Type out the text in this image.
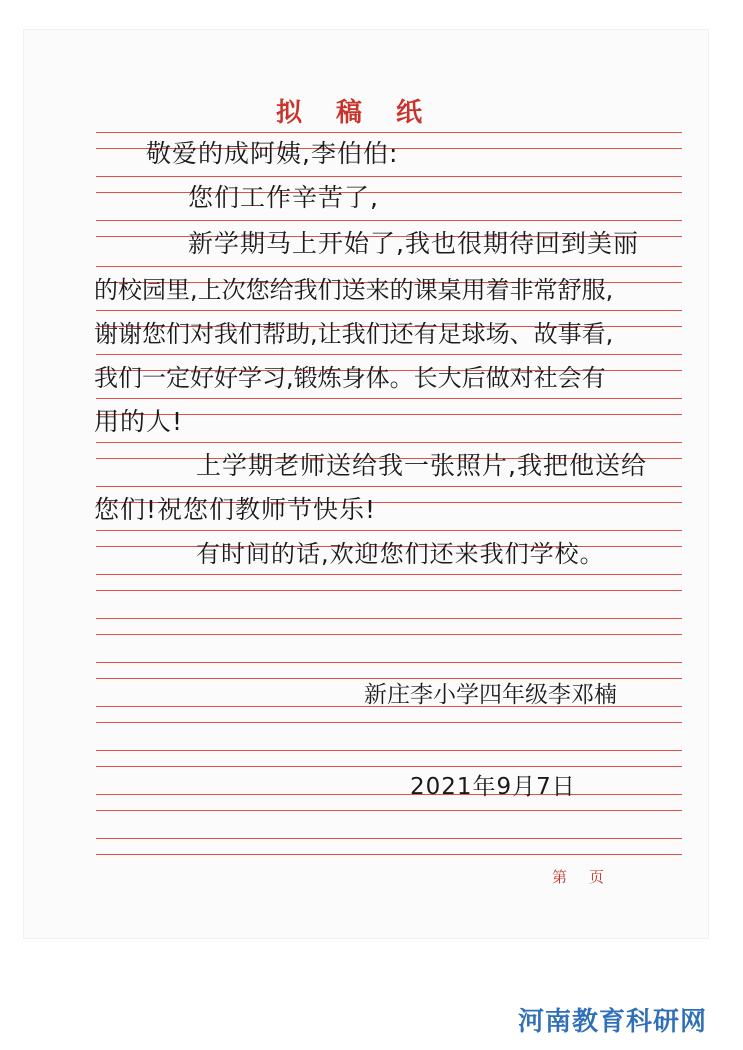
拟稿纸
敬爱的成阿姨,李伯伯:
您们工作辛苦了,
新学期马上开始了,我也很期待回到美丽
的校园里,上次您给我们送来的课桌用着非常舒服,
谢谢您们对我们帮助,让我们还有足球场、故事看,
我们一定好好学习,锻炼身体。长大后做对社会有
用的人!
上学期老师送给我一张照片,我把他送给
您们!祝您们教师节快乐!
有时间的话,欢迎您们还来我们学校。
新庄李小学四年级李邓楠
2021年9月7日
第 页
河南教育科研网
